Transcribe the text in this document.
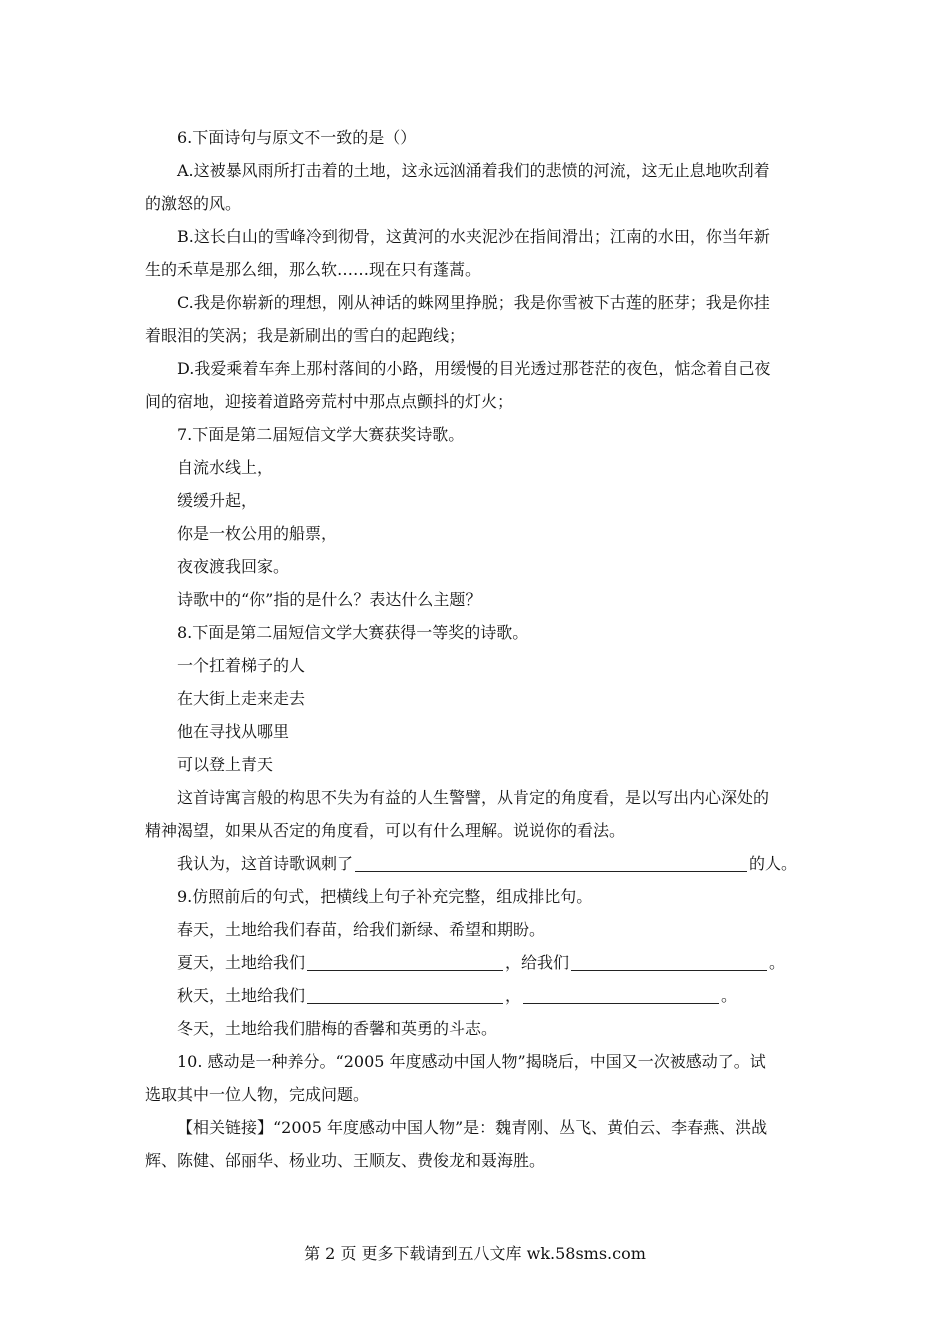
6.下面诗句与原文不一致的是（）
A.这被暴风雨所打击着的土地，这永远汹涌着我们的悲愤的河流，这无止息地吹刮着
的激怒的风。
B.这长白山的雪峰冷到彻骨，这黄河的水夹泥沙在指间滑出；江南的水田，你当年新
生的禾草是那么细，那么软……现在只有蓬蒿。
C.我是你崭新的理想，刚从神话的蛛网里挣脱；我是你雪被下古莲的胚芽；我是你挂
着眼泪的笑涡；我是新刷出的雪白的起跑线；
D.我爱乘着车奔上那村落间的小路，用缓慢的目光透过那苍茫的夜色，惦念着自己夜
间的宿地，迎接着道路旁荒村中那点点颤抖的灯火；
7.下面是第二届短信文学大赛获奖诗歌。
自流水线上，
缓缓升起，
你是一枚公用的船票，
夜夜渡我回家。
诗歌中的“你”指的是什么？表达什么主题？
8.下面是第二届短信文学大赛获得一等奖的诗歌。
一个扛着梯子的人
在大街上走来走去
他在寻找从哪里
可以登上青天
这首诗寓言般的构思不失为有益的人生警譬，从肯定的角度看，是以写出内心深处的
精神渴望，如果从否定的角度看，可以有什么理解。说说你的看法。
我认为，这首诗歌讽刺了	的人。
9.仿照前后的句式，把横线上句子补充完整，组成排比句。
春天，土地给我们春苗，给我们新绿、希望和期盼。
夏天，土地给我们	，给我们	。
秋天，土地给我们	，	。
冬天，土地给我们腊梅的香馨和英勇的斗志。
10. 感动是一种养分。“2005 年度感动中国人物”揭晓后，中国又一次被感动了。试
选取其中一位人物，完成问题。
【相关链接】“2005 年度感动中国人物”是：魏青刚、丛飞、黄伯云、李春燕、洪战
辉、陈健、邰丽华、杨业功、王顺友、费俊龙和聂海胜。
第 2 页 更多下载请到五八文库 wk.58sms.com
